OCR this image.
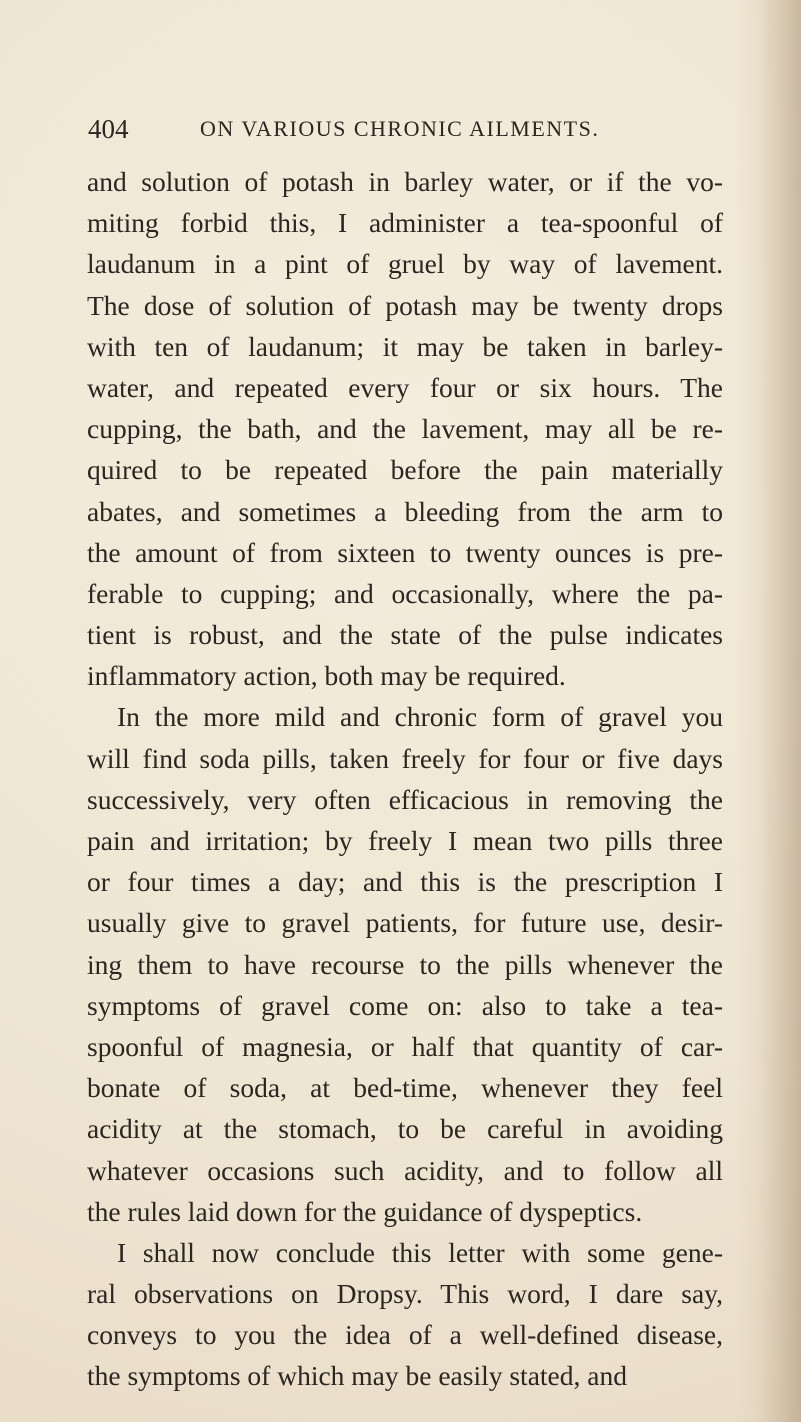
404	ON VARIOUS CHRONIC AILMENTS.
and solution of potash in barley water, or if the vo-
miting forbid this, I administer a tea-spoonful of
laudanum in a pint of gruel by way of lavement.
The dose of solution of potash may be twenty drops
with ten of laudanum; it may be taken in barley-
water, and repeated every four or six hours. The
cupping, the bath, and the lavement, may all be re-
quired to be repeated before the pain materially
abates, and sometimes a bleeding from the arm to
the amount of from sixteen to twenty ounces is pre-
ferable to cupping; and occasionally, where the pa-
tient is robust, and the state of the pulse indicates
inflammatory action, both may be required.
In the more mild and chronic form of gravel you
will find soda pills, taken freely for four or five days
successively, very often efficacious in removing the
pain and irritation; by freely I mean two pills three
or four times a day; and this is the prescription I
usually give to gravel patients, for future use, desir-
ing them to have recourse to the pills whenever the
symptoms of gravel come on: also to take a tea-
spoonful of magnesia, or half that quantity of car-
bonate of soda, at bed-time, whenever they feel
acidity at the stomach, to be careful in avoiding
whatever occasions such acidity, and to follow all
the rules laid down for the guidance of dyspeptics.
I shall now conclude this letter with some gene-
ral observations on Dropsy. This word, I dare say,
conveys to you the idea of a well-defined disease,
the symptoms of which may be easily stated, and
